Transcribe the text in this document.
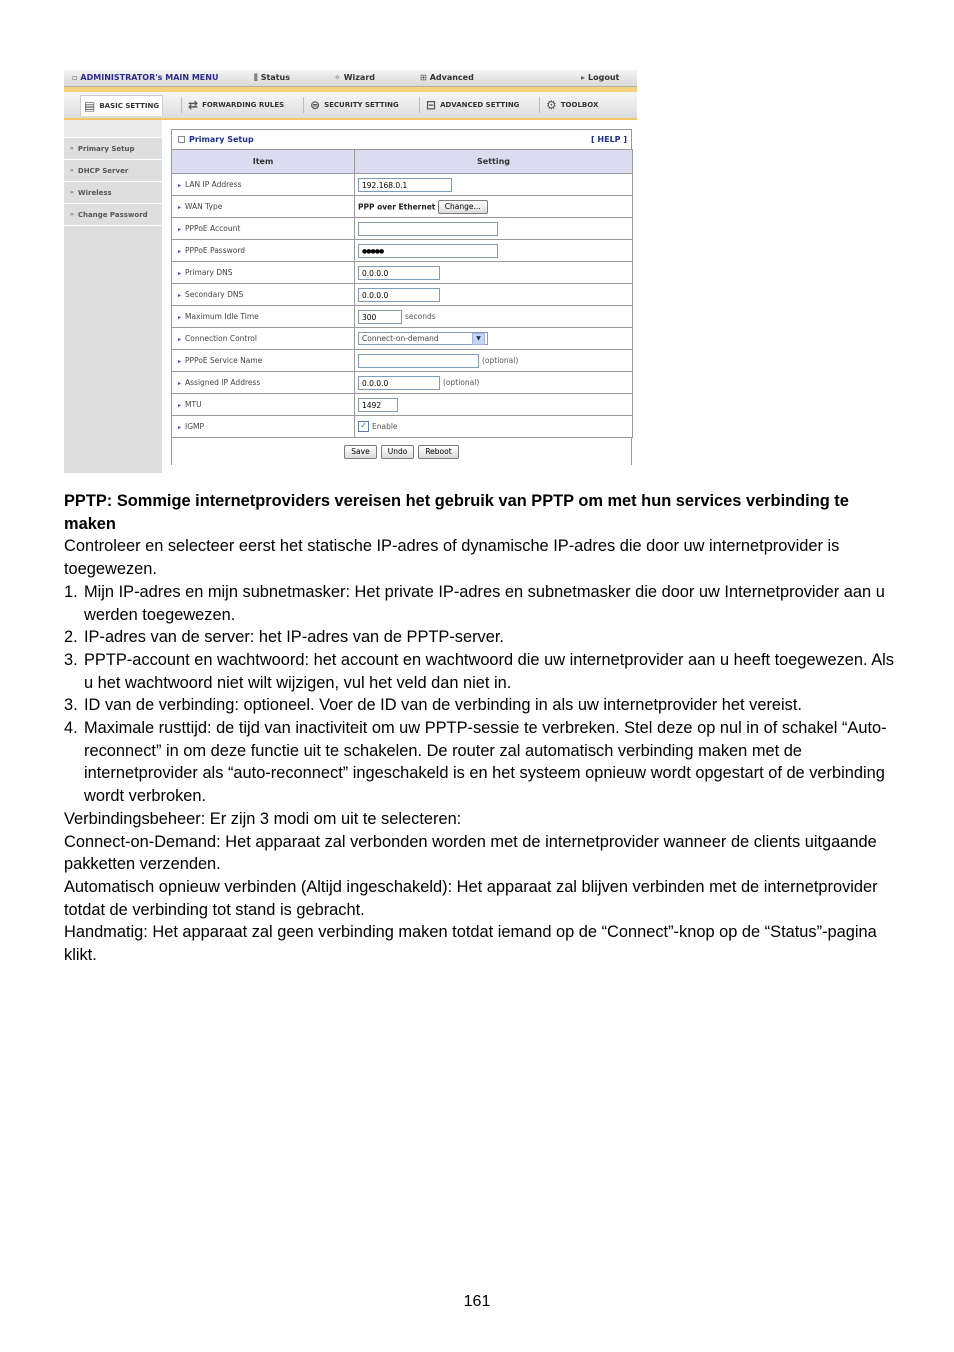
▫ ADMINISTRATOR's MAIN MENU	⫼ Status	✧ Wizard	⊞ Advanced	▸ Logout
▤ BASIC SETTING ⇄ FORWARDING RULES ⊜ SECURITY SETTING ⊟ ADVANCED SETTING ⚙ TOOLBOX
» Primary Setup
» DHCP Server
» Wireless
» Change Password
Primary Setup	[ HELP ]
Item	Setting
▸ LAN IP Address	192.168.0.1
▸ WAN Type	PPP over Ethernet Change...
▸ PPPoE Account	
▸ PPPoE Password	●●●●●
▸ Primary DNS	0.0.0.0
▸ Secondary DNS	0.0.0.0
▸ Maximum Idle Time	300 seconds
▸ Connection Control	Connect-on-demand ▼

▸ PPPoE Service Name	(optional)
▸ Assigned IP Address	0.0.0.0 (optional)
▸ MTU	1492
▸ IGMP	✓ Enable
Save	Undo	Reboot

PPTP: Sommige internetproviders vereisen het gebruik van PPTP om met hun services verbinding te maken

Controleer en selecteer eerst het statische IP-adres of dynamische IP-adres die door uw internetprovider is toegewezen.

1. Mijn IP-adres en mijn subnetmasker: Het private IP-adres en subnetmasker die door uw Internetprovider aan u werden toegewezen.
2. IP-adres van de server: het IP-adres van de PPTP-server.
3. PPTP-account en wachtwoord: het account en wachtwoord die uw internetprovider aan u heeft toegewezen. Als u het wachtwoord niet wilt wijzigen, vul het veld dan niet in.
3. ID van de verbinding: optioneel. Voer de ID van de verbinding in als uw internetprovider het vereist.
4. Maximale rusttijd: de tijd van inactiviteit om uw PPTP-sessie te verbreken. Stel deze op nul in of schakel “Auto-reconnect” in om deze functie uit te schakelen. De router zal automatisch verbinding maken met de internetprovider als “auto-reconnect” ingeschakeld is en het systeem opnieuw wordt opgestart of de verbinding wordt verbroken.

Verbindingsbeheer: Er zijn 3 modi om uit te selecteren:

Connect-on-Demand: Het apparaat zal verbonden worden met de internetprovider wanneer de clients uitgaande pakketten verzenden.

Automatisch opnieuw verbinden (Altijd ingeschakeld): Het apparaat zal blijven verbinden met de internetprovider totdat de verbinding tot stand is gebracht.

Handmatig: Het apparaat zal geen verbinding maken totdat iemand op de “Connect”-knop op de “Status”-pagina klikt.

161
